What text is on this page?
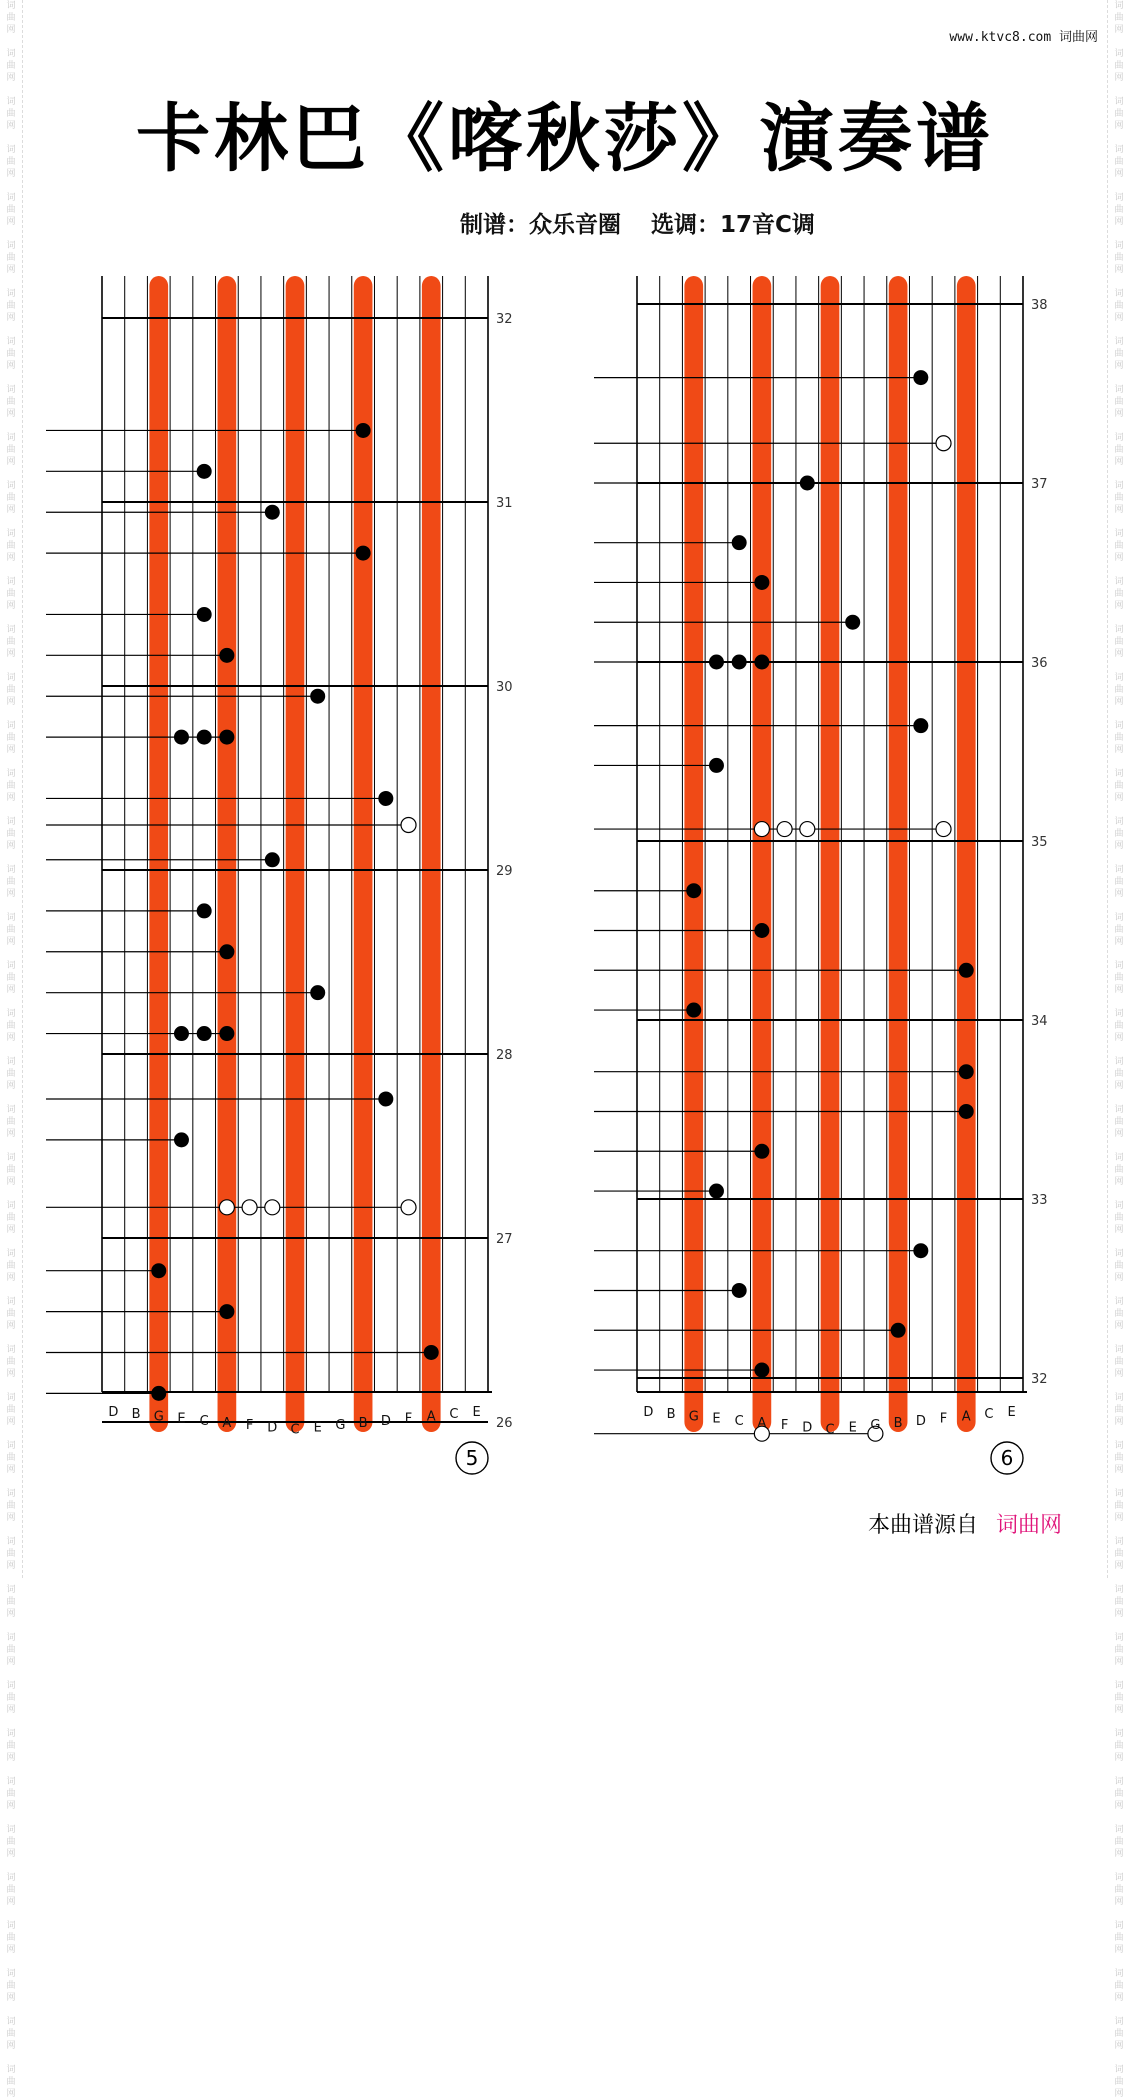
词
曲
网

词
曲
网

词
曲
网

词
曲
网

词
曲
网

词
曲
网

词
曲
网

词
曲
网

词
曲
网

词
曲
网

词
曲
网

词
曲
网

词
曲
网

词
曲
网

词
曲
网

词
曲
网

词
曲
网

词
曲
网

词
曲
网

词
曲
网

词
曲
网

词
曲
网

词
曲
网

词
曲
网

词
曲
网

词
曲
网

词
曲
网

词
曲
网

词
曲
网

词
曲
网

词
曲
网

词
曲
网

词
曲
网

词
曲
网

词
曲
网

词
曲
网

词
曲
网

词
曲
网

词
曲
网

词
曲
网

词
曲
网

词
曲
网

词
曲
网

词
曲
网

词
曲
网

词
曲
网

词
曲
网

词
曲
网

词
曲
网

词
曲
网

词
曲
网

词
曲
网

词
曲
网

词
曲
网

词
曲
网

词
曲
网

词
曲
网

词
曲
网

词
曲
网

词
曲
网

词
曲
网

词
曲
网

词
曲
网

词
曲
网

词
曲
网

词
曲
网

词
曲
网

词
曲
网

词
曲
网

词
曲
网

词
曲
网

词
曲
网

词
曲
网

词
曲
网

词
曲
网

词
曲
网

词
曲
网

词
曲
网

词
曲
网

词
曲
网

词
曲
网

词
曲
网

词
曲
网

词
曲
网

词
曲
网

词
曲
网

词
曲
网

词
曲
网

www.ktvc8.com 词曲网
卡林巴《喀秋莎》演奏谱
制谱：众乐音圈 选调：17音C调
32
31
30
29
28
27
26
D B G E C A F D C E G B D F A C E
5
38
37
36
35
34
33
32
D B G E C A F D C E G B D F A C E
6
本曲谱源自 词曲网
